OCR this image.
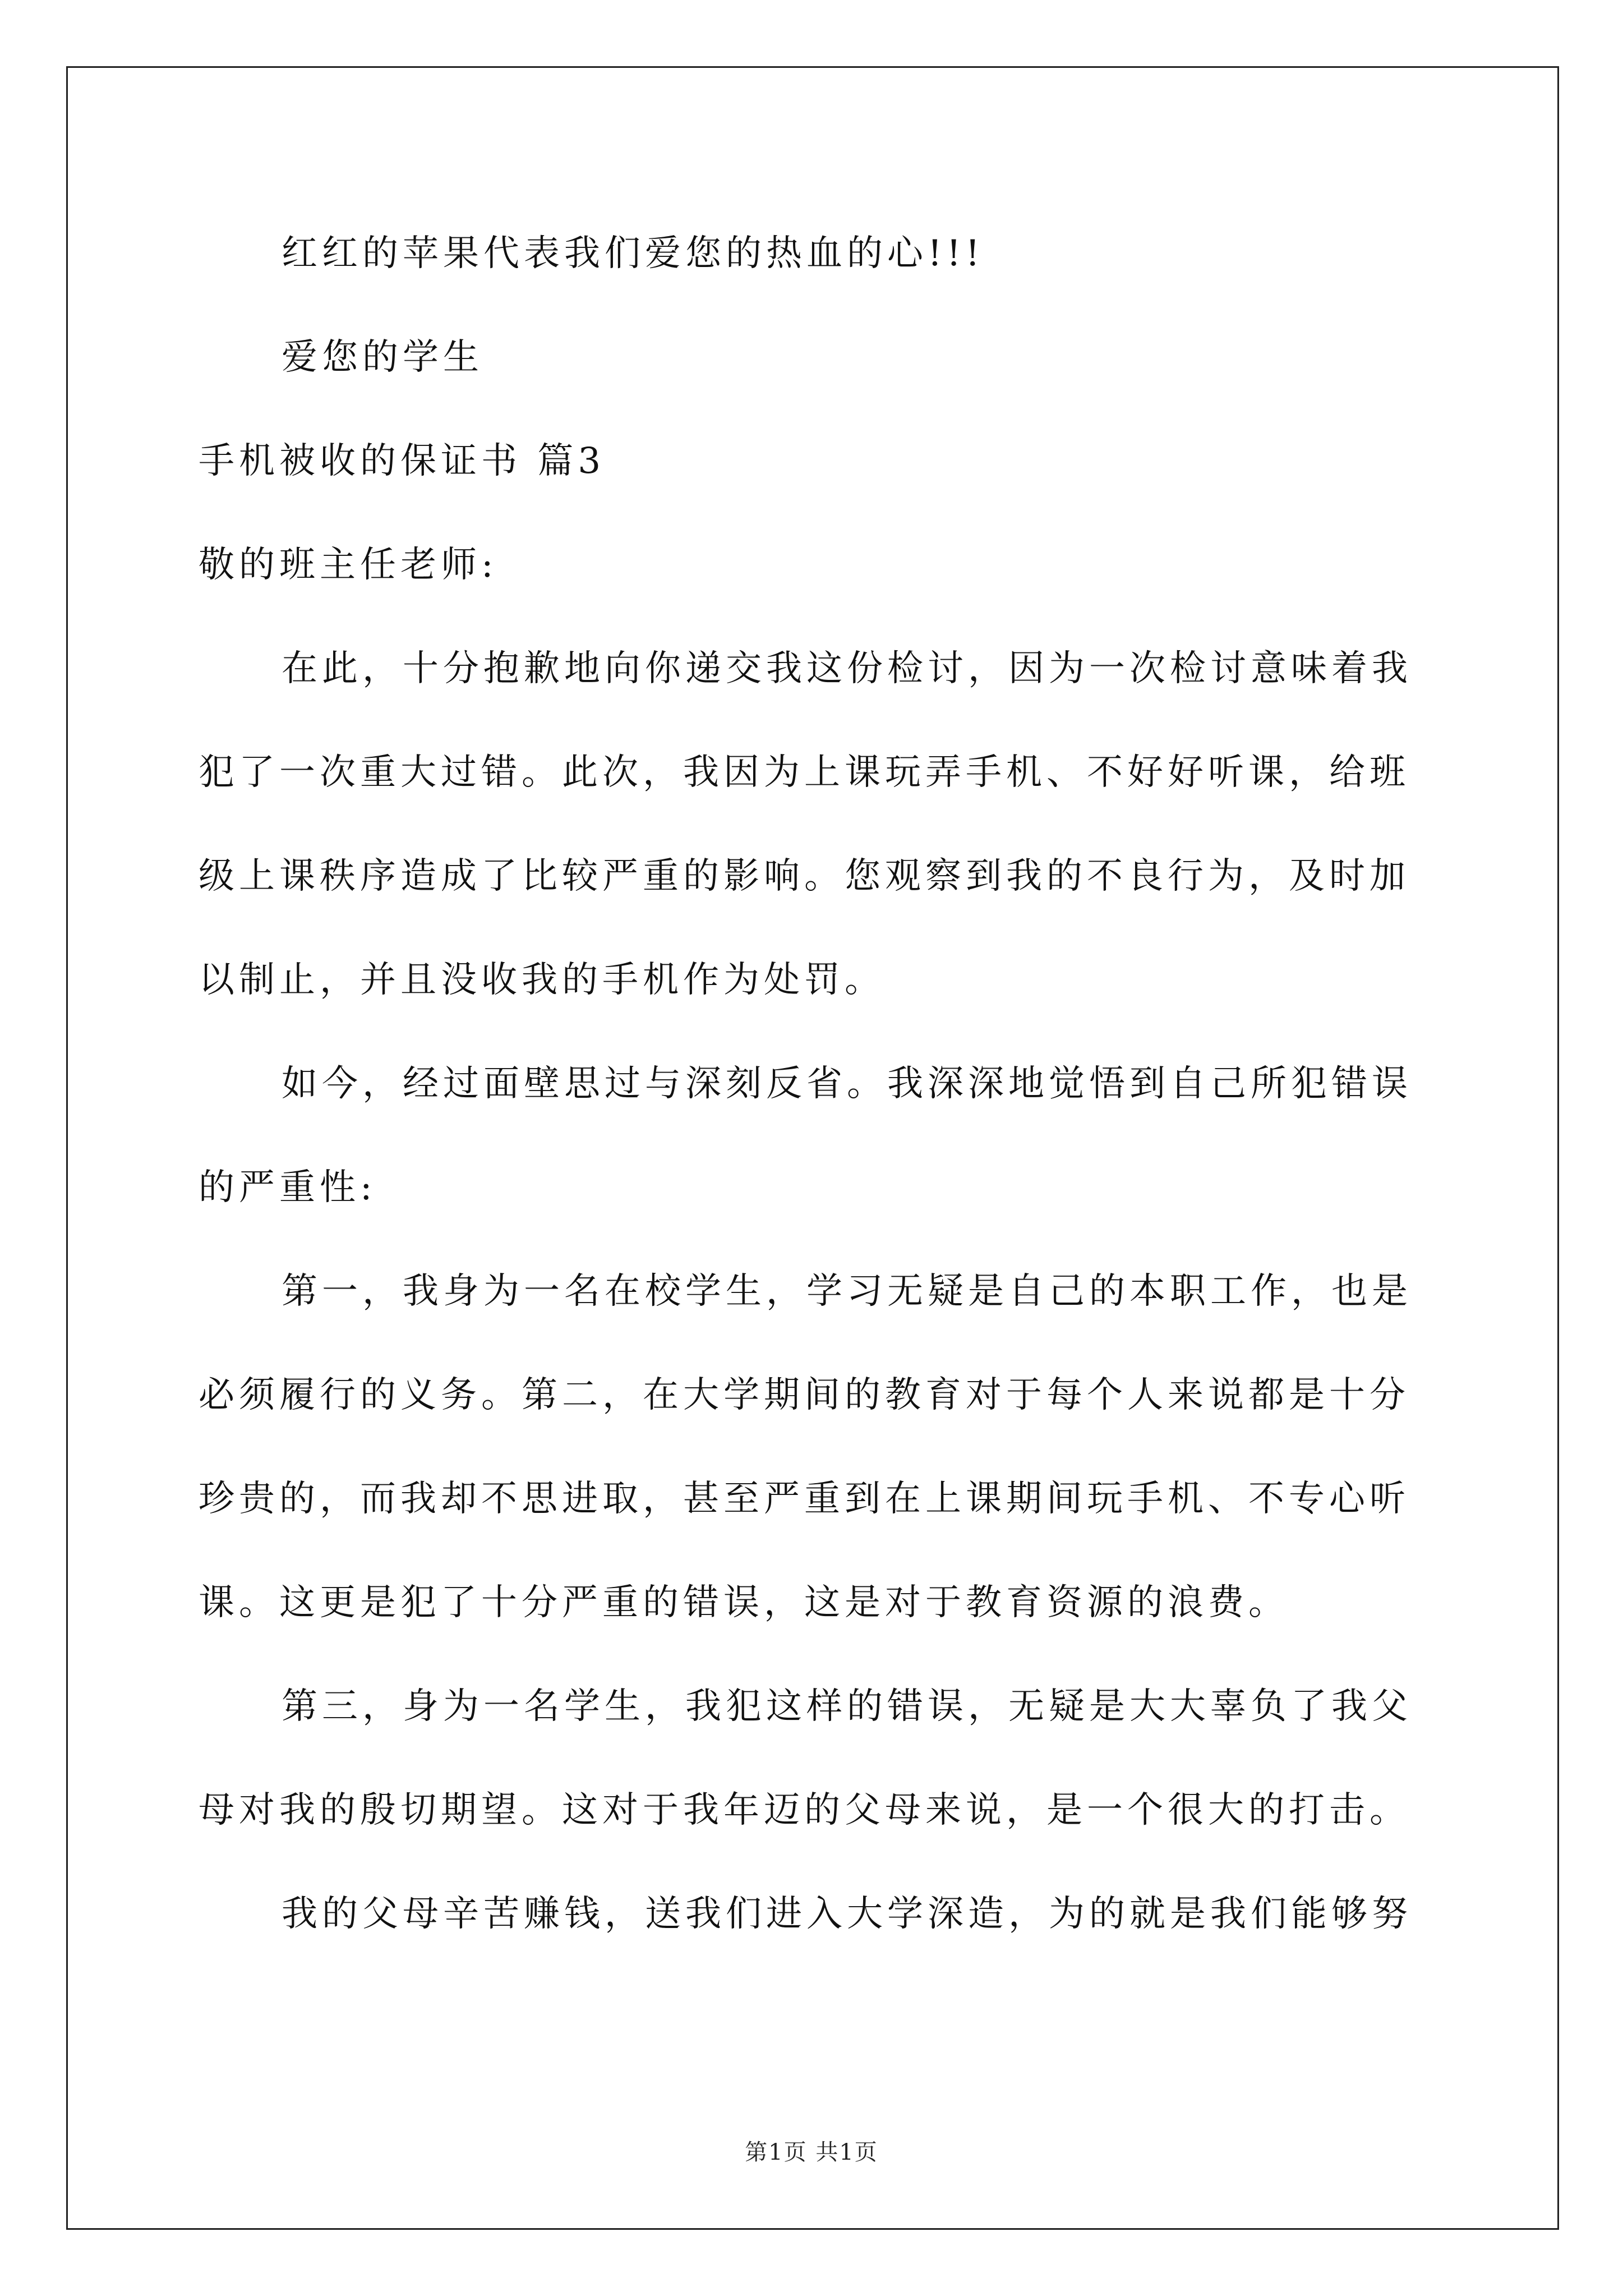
红红的苹果代表我们爱您的热血的心!!!
爱您的学生
手机被收的保证书 篇3
敬的班主任老师:
在此，十分抱歉地向你递交我这份检讨，因为一次检讨意味着我
犯了一次重大过错。此次，我因为上课玩弄手机、不好好听课，给班
级上课秩序造成了比较严重的影响。您观察到我的不良行为，及时加
以制止，并且没收我的手机作为处罚。
如今，经过面壁思过与深刻反省。我深深地觉悟到自己所犯错误
的严重性:
第一，我身为一名在校学生，学习无疑是自己的本职工作，也是
必须履行的义务。第二，在大学期间的教育对于每个人来说都是十分
珍贵的，而我却不思进取，甚至严重到在上课期间玩手机、不专心听
课。这更是犯了十分严重的错误，这是对于教育资源的浪费。
第三，身为一名学生，我犯这样的错误，无疑是大大辜负了我父
母对我的殷切期望。这对于我年迈的父母来说，是一个很大的打击。
我的父母辛苦赚钱，送我们进入大学深造，为的就是我们能够努
第1页 共1页
